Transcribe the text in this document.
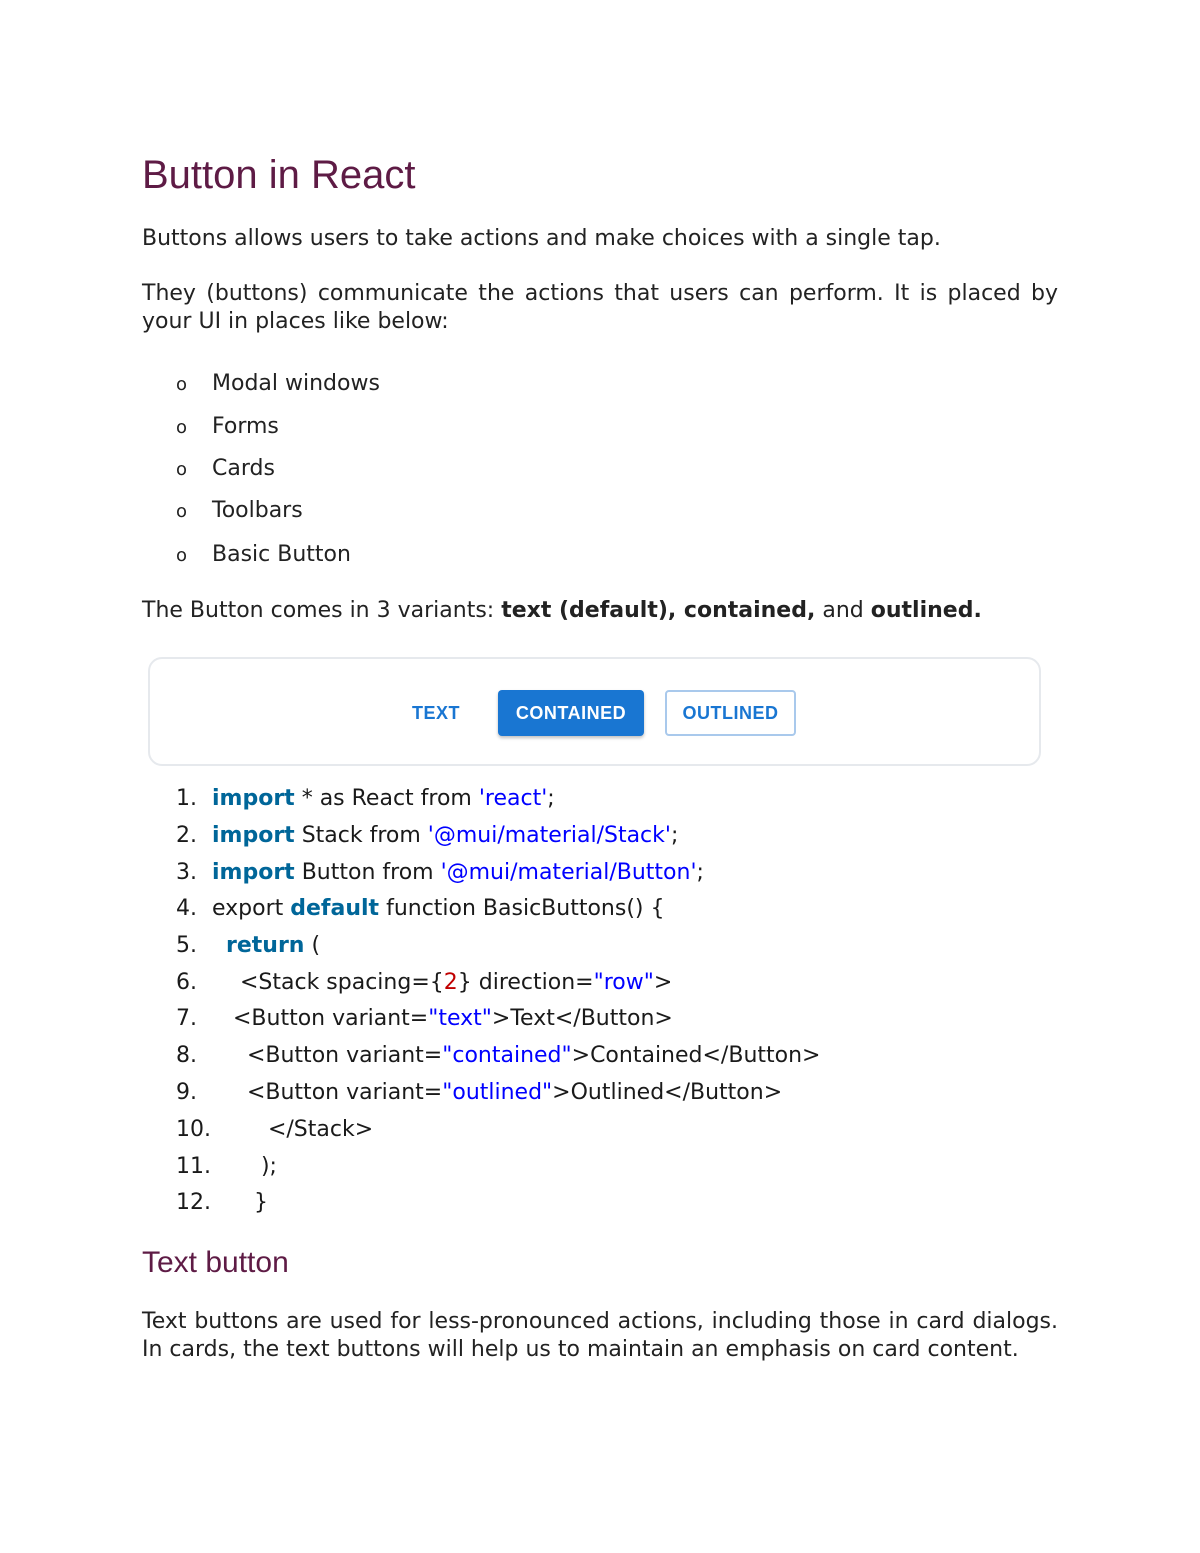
Button in React
Buttons allows users to take actions and make choices with a single tap.
They (buttons) communicate the actions that users can perform. It is placed by your UI in places like below:
o Modal windows
o Forms
o Cards
o Toolbars
o Basic Button
The Button comes in 3 variants: text (default), contained, and outlined.
TEXT	CONTAINED	OUTLINED
1. import * as React from 'react';
2. import Stack from '@mui/material/Stack';
3. import Button from '@mui/material/Button';
4. export default function BasicButtons() {
5. return (
6.    <Stack spacing={2} direction="row">
7.   <Button variant="text">Text</Button>
8.     <Button variant="contained">Contained</Button>
9.     <Button variant="outlined">Outlined</Button>
10.        </Stack>
11.       );
12.      }
Text button
Text buttons are used for less-pronounced actions, including those in card dialogs. In cards, the text buttons will help us to maintain an emphasis on card content.
